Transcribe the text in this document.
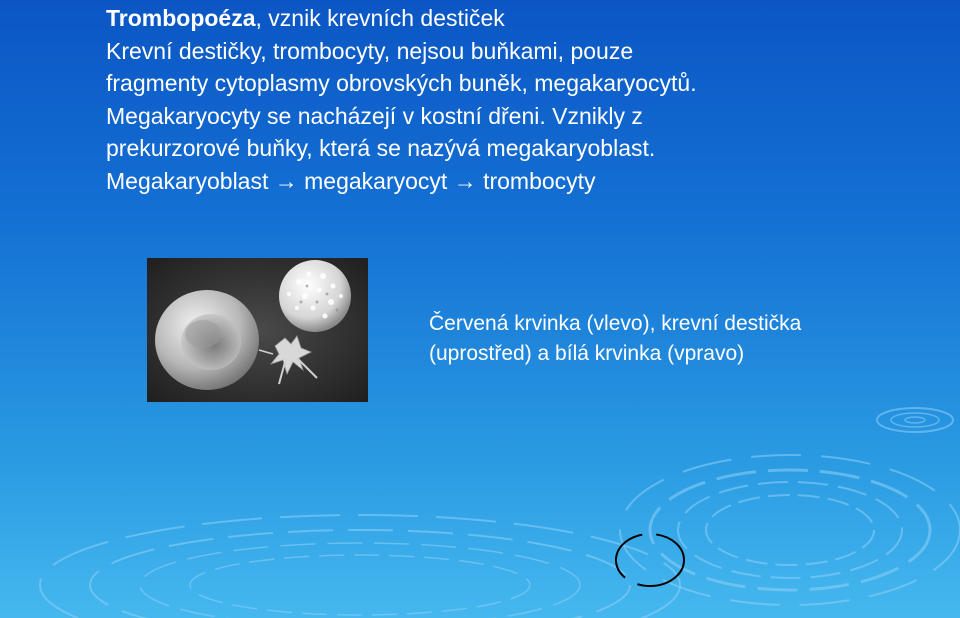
Trombopoéza, vznik krevních destiček
Krevní destičky, trombocyty, nejsou buňkami, pouze
fragmenty cytoplasmy obrovských buněk, megakaryocytů.
Megakaryocyty se nacházejí v kostní dřeni. Vznikly z
prekurzorové buňky, která se nazývá megakaryoblast.
Megakaryoblast → megakaryocyt → trombocyty
Červená krvinka (vlevo), krevní destička
(uprostřed) a bílá krvinka (vpravo)
